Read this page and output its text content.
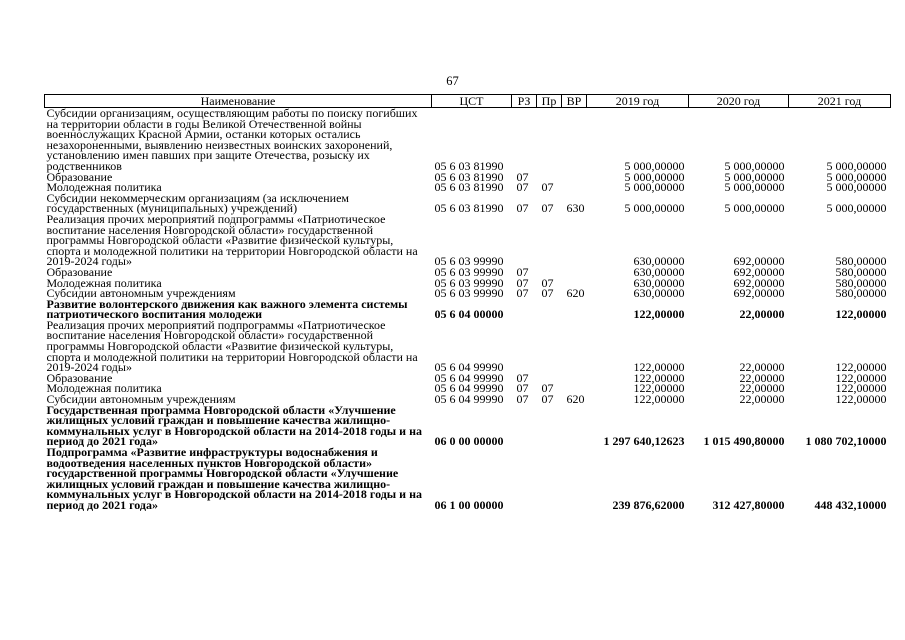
67
Наименование	ЦСТ	РЗ	Пр	ВР	2019 год	2020 год	2021 год
Субсидии организациям, осуществляющим работы по поиску погибших на территории области в годы Великой Отечественной войны военнослужащих Красной Армии, останки которых остались незахороненными, выявлению неизвестных воинских захоронений, установлению имен павших при защите Отечества, розыску их родственников	05 6 03 81990				5 000,00000	5 000,00000	5 000,00000
Образование	05 6 03 81990	07			5 000,00000	5 000,00000	5 000,00000
Молодежная политика	05 6 03 81990	07	07		5 000,00000	5 000,00000	5 000,00000
Субсидии некоммерческим организациям (за исключением государственных (муниципальных) учреждений)	05 6 03 81990	07	07	630	5 000,00000	5 000,00000	5 000,00000
Реализация прочих мероприятий подпрограммы «Патриотическое воспитание населения Новгородской области» государственной программы Новгородской области «Развитие физической культуры, спорта и молодежной политики на территории Новгородской области на 2019-2024 годы»	05 6 03 99990				630,00000	692,00000	580,00000
Образование	05 6 03 99990	07			630,00000	692,00000	580,00000
Молодежная политика	05 6 03 99990	07	07		630,00000	692,00000	580,00000
Субсидии автономным учреждениям	05 6 03 99990	07	07	620	630,00000	692,00000	580,00000
Развитие волонтерского движения как важного элемента системы патриотического воспитания молодежи	05 6 04 00000				122,00000	22,00000	122,00000
Реализация прочих мероприятий подпрограммы «Патриотическое воспитание населения Новгородской области» государственной программы Новгородской области «Развитие физической культуры, спорта и молодежной политики на территории Новгородской области на 2019-2024 годы»	05 6 04 99990				122,00000	22,00000	122,00000
Образование	05 6 04 99990	07			122,00000	22,00000	122,00000
Молодежная политика	05 6 04 99990	07	07		122,00000	22,00000	122,00000
Субсидии автономным учреждениям	05 6 04 99990	07	07	620	122,00000	22,00000	122,00000
Государственная программа Новгородской области «Улучшение жилищных условий граждан и повышение качества жилищно-коммунальных услуг в Новгородской области на 2014-2018 годы и на период до 2021 года»	06 0 00 00000				1 297 640,12623	1 015 490,80000	1 080 702,10000
Подпрограмма «Развитие инфраструктуры водоснабжения и водоотведения населенных пунктов Новгородской области» государственной программы Новгородской области «Улучшение жилищных условий граждан и повышение качества жилищно-коммунальных услуг в Новгородской области на 2014-2018 годы и на период до 2021 года»	06 1 00 00000				239 876,62000	312 427,80000	448 432,10000
